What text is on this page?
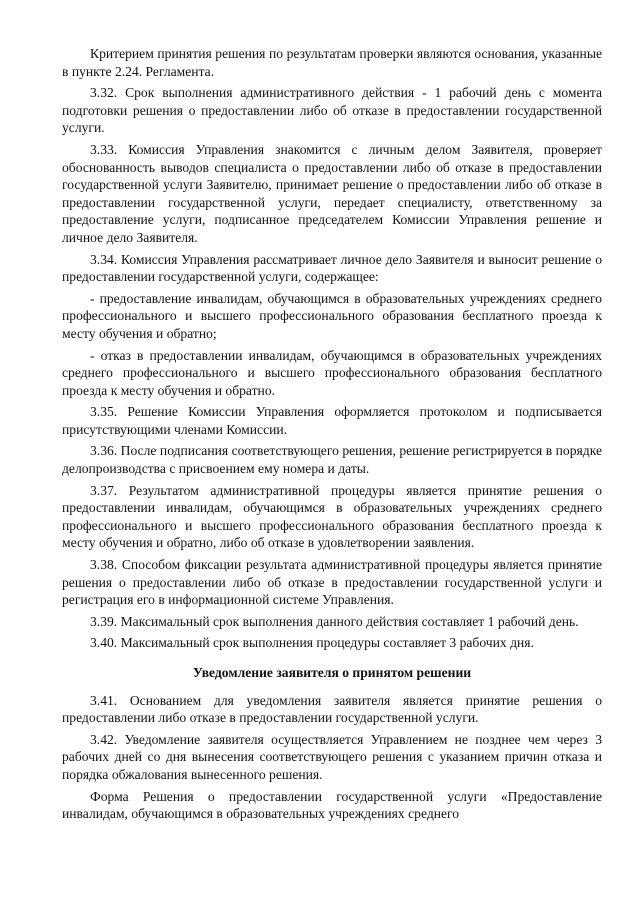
Критерием принятия решения по результатам проверки являются основания, указанные в пункте 2.24. Регламента.

3.32. Срок выполнения административного действия - 1 рабочий день с момента подготовки решения о предоставлении либо об отказе в предоставлении государственной услуги.

3.33. Комиссия Управления знакомится с личным делом Заявителя, проверяет обоснованность выводов специалиста о предоставлении либо об отказе в предоставлении государственной услуги Заявителю, принимает решение о предоставлении либо об отказе в предоставлении государственной услуги, передает специалисту, ответственному за предоставление услуги, подписанное председателем Комиссии Управления решение и личное дело Заявителя.

3.34. Комиссия Управления рассматривает личное дело Заявителя и выносит решение о предоставлении государственной услуги, содержащее:

- предоставление инвалидам, обучающимся в образовательных учреждениях среднего профессионального и высшего профессионального образования бесплатного проезда к месту обучения и обратно;

- отказ в предоставлении инвалидам, обучающимся в образовательных учреждениях среднего профессионального и высшего профессионального образования бесплатного проезда к месту обучения и обратно.

3.35. Решение Комиссии Управления оформляется протоколом и подписывается присутствующими членами Комиссии.

3.36. После подписания соответствующего решения, решение регистрируется в порядке делопроизводства с присвоением ему номера и даты.

3.37. Результатом административной процедуры является принятие решения о предоставлении инвалидам, обучающимся в образовательных учреждениях среднего профессионального и высшего профессионального образования бесплатного проезда к месту обучения и обратно, либо об отказе в удовлетворении заявления.

3.38. Способом фиксации результата административной процедуры является принятие решения о предоставлении либо об отказе в предоставлении государственной услуги и регистрация его в информационной системе Управления.

3.39. Максимальный срок выполнения данного действия составляет 1 рабочий день.

3.40. Максимальный срок выполнения процедуры составляет 3 рабочих дня.

Уведомление заявителя о принятом решении

3.41. Основанием для уведомления заявителя является принятие решения о предоставлении либо отказе в предоставлении государственной услуги.

3.42. Уведомление заявителя осуществляется Управлением не позднее чем через 3 рабочих дней со дня вынесения соответствующего решения с указанием причин отказа и порядка обжалования вынесенного решения.

Форма Решения о предоставлении государственной услуги «Предоставление инвалидам, обучающимся в образовательных учреждениях среднего
